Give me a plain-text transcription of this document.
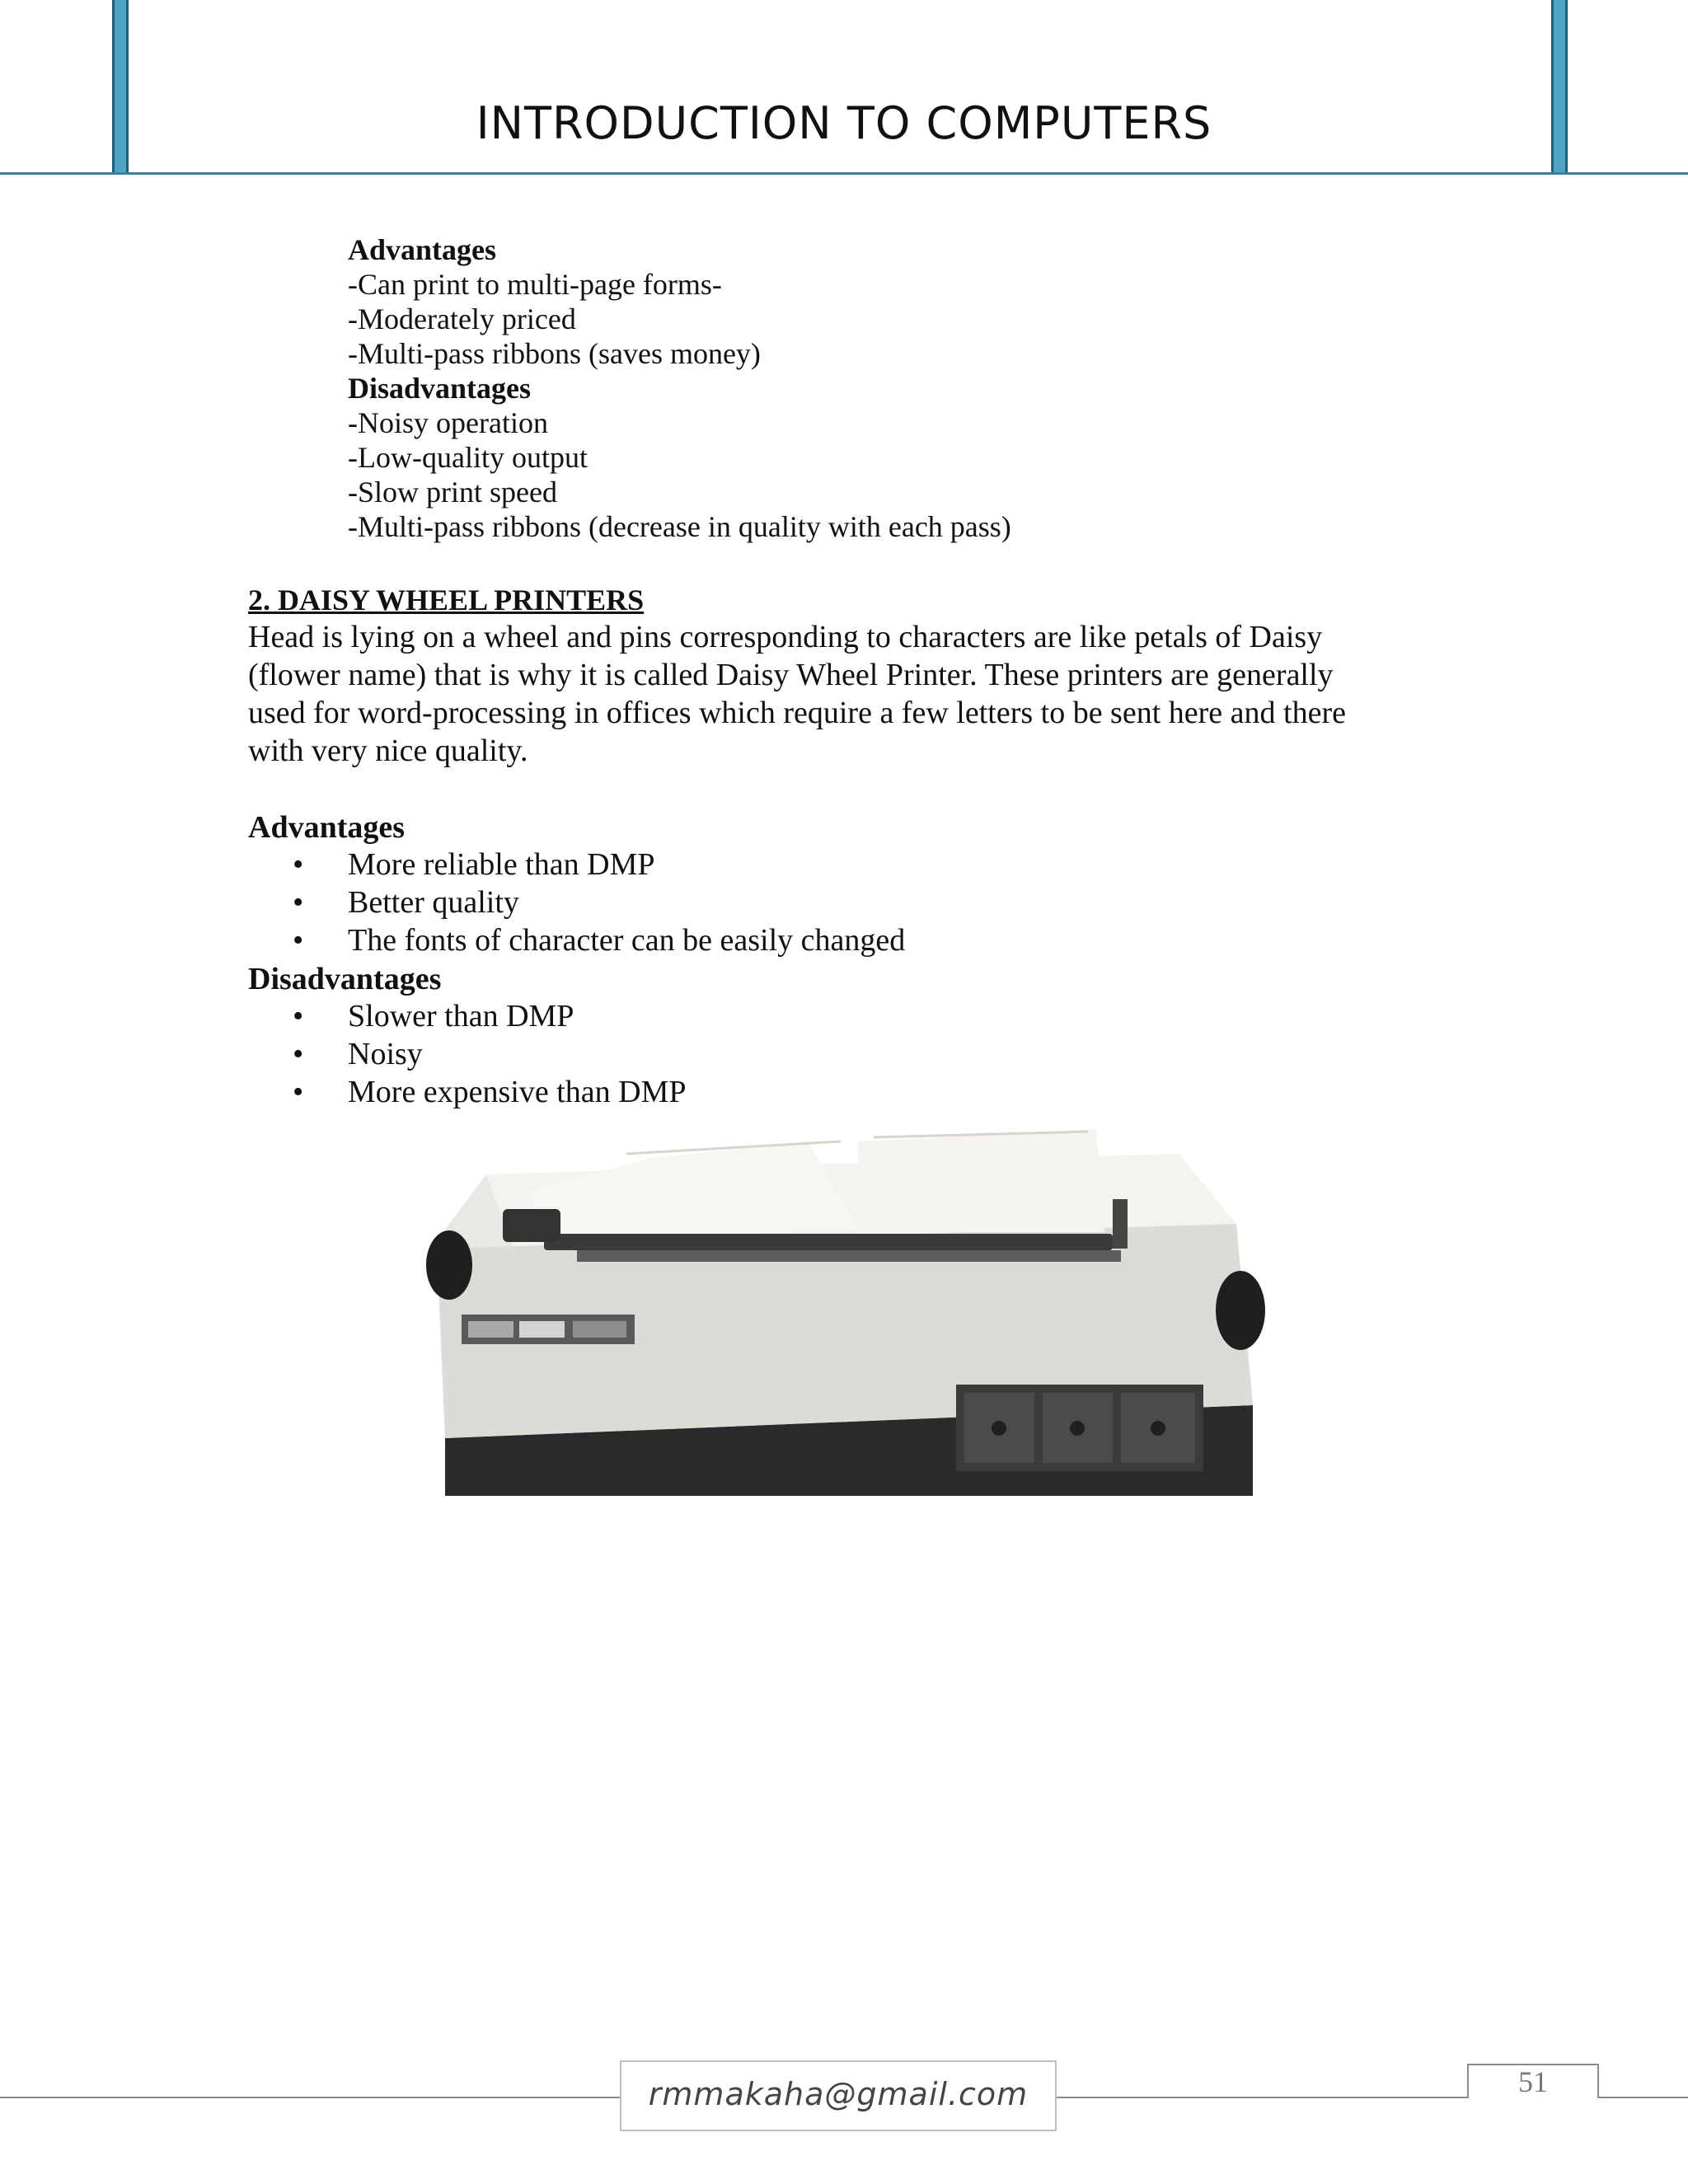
INTRODUCTION TO COMPUTERS
Advantages
-Can print to multi-page forms-
-Moderately priced
-Multi-pass ribbons (saves money)
Disadvantages
-Noisy operation
-Low-quality output
-Slow print speed
-Multi-pass ribbons (decrease in quality with each pass)
2. DAISY WHEEL PRINTERS
Head is lying on a wheel and pins corresponding to characters are like petals of Daisy
(flower name) that is why it is called Daisy Wheel Printer. These printers are generally
used for word-processing in offices which require a few letters to be sent here and there
with very nice quality.
Advantages
• More reliable than DMP
• Better quality
• The fonts of character can be easily changed
Disadvantages
• Slower than DMP
• Noisy
• More expensive than DMP
rmmakaha@gmail.com	51
